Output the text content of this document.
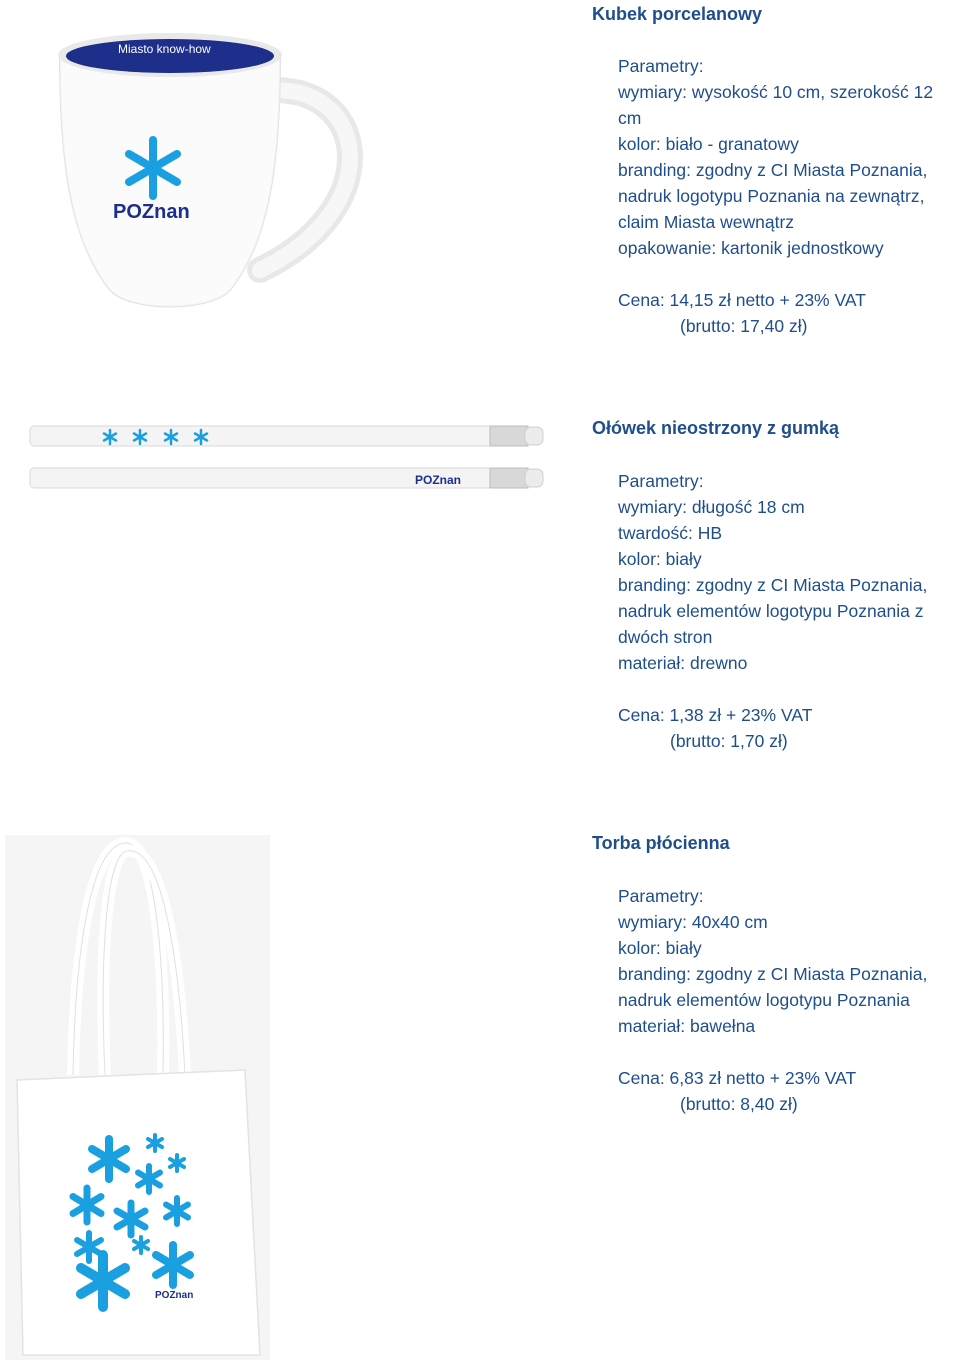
Miasto know-how
POZnan
Kubek porcelanowy
Parametry:
wymiary: wysokość 10 cm, szerokość 12
cm
kolor: biało - granatowy
branding: zgodny z CI Miasta Poznania,
nadruk logotypu Poznania na zewnątrz,
claim Miasta wewnątrz
opakowanie: kartonik jednostkowy
Cena: 14,15 zł netto + 23% VAT
(brutto: 17,40 zł)
POZnan
Ołówek nieostrzony z gumką
Parametry:
wymiary: długość 18 cm
twardość: HB
kolor: biały
branding: zgodny z CI Miasta Poznania,
nadruk elementów logotypu Poznania z
dwóch stron
materiał: drewno
Cena: 1,38 zł + 23% VAT
(brutto: 1,70 zł)
POZnan
Torba płócienna
Parametry:
wymiary: 40x40 cm
kolor: biały
branding: zgodny z CI Miasta Poznania,
nadruk elementów logotypu Poznania
materiał: bawełna
Cena: 6,83 zł netto + 23% VAT
(brutto: 8,40 zł)
